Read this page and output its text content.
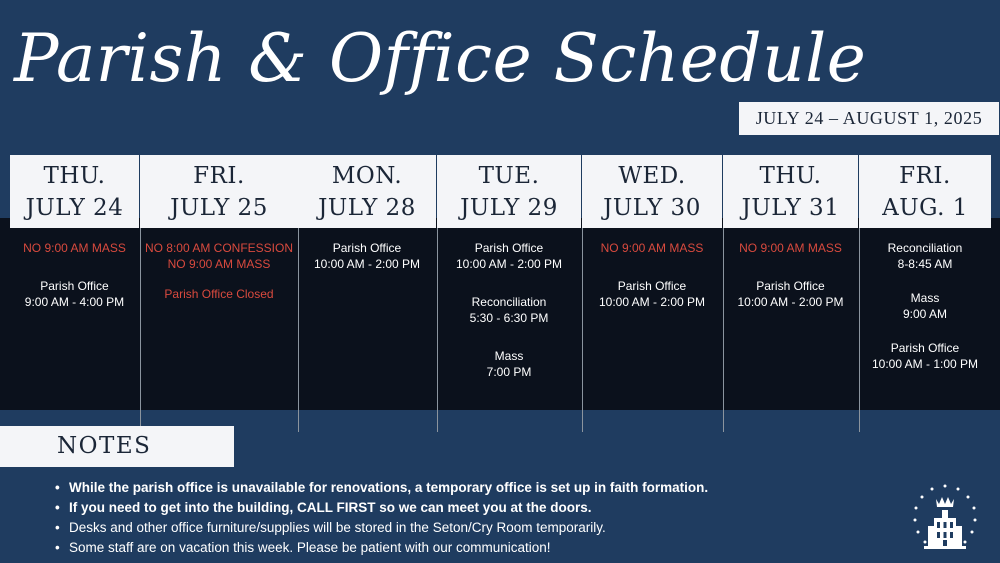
Parish & Office Schedule
JULY 24 – AUGUST 1, 2025
THU.
JULY 24

NO 9:00 AM MASS

Parish Office

9:00 AM - 4:00 PM

FRI.
JULY 25

NO 8:00 AM CONFESSION

NO 9:00 AM MASS

Parish Office Closed

MON.
JULY 28

Parish Office

10:00 AM - 2:00 PM

TUE.
JULY 29

Parish Office

10:00 AM - 2:00 PM

Reconciliation

5:30 - 6:30 PM

Mass

7:00 PM

WED.
JULY 30

NO 9:00 AM MASS

Parish Office

10:00 AM - 2:00 PM

THU.
JULY 31

NO 9:00 AM MASS

Parish Office

10:00 AM - 2:00 PM

FRI.
AUG. 1

Reconciliation

8-8:45 AM

Mass

9:00 AM

Parish Office

10:00 AM - 1:00 PM

NOTES
• While the parish office is unavailable for renovations, a temporary office is set up in faith formation.
• If you need to get into the building, CALL FIRST so we can meet you at the doors.
• Desks and other office furniture/supplies will be stored in the Seton/Cry Room temporarily.
• Some staff are on vacation this week. Please be patient with our communication!
